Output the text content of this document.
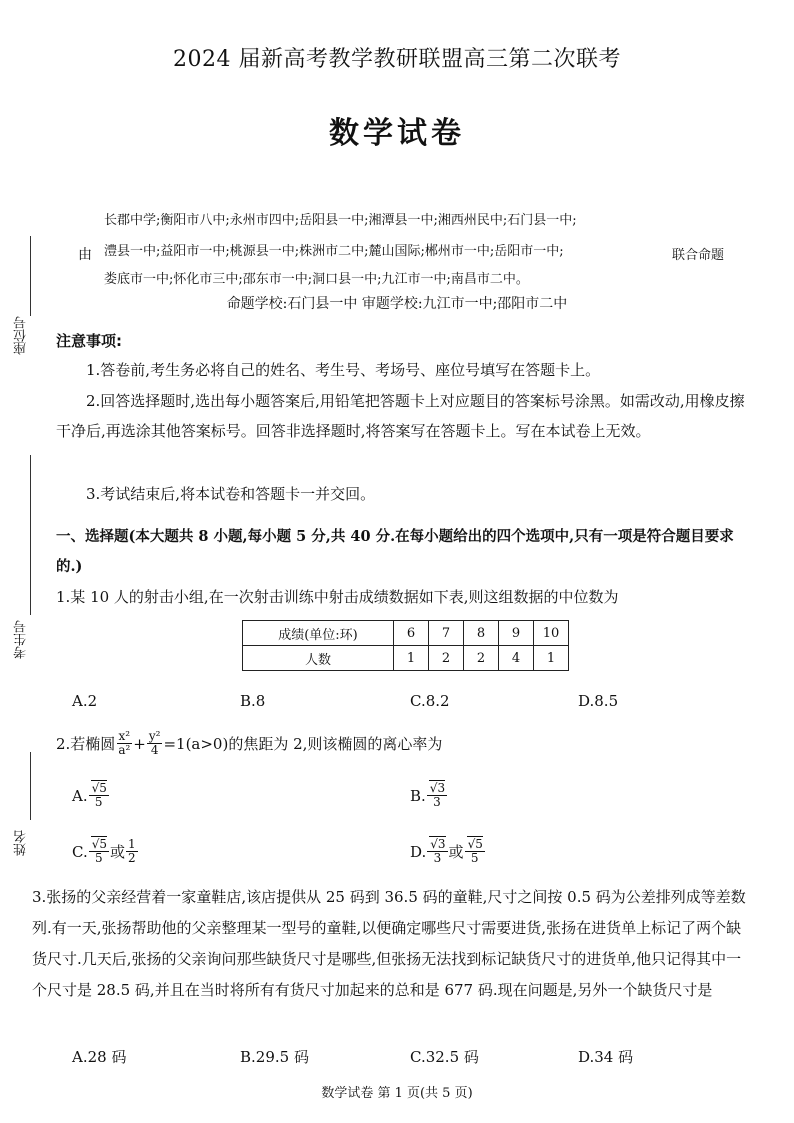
2024 届新高考教学教研联盟高三第二次联考
数学试卷
由
长郡中学;衡阳市八中;永州市四中;岳阳县一中;湘潭县一中;湘西州民中;石门县一中;
澧县一中;益阳市一中;桃源县一中;株洲市二中;麓山国际;郴州市一中;岳阳市一中;
娄底市一中;怀化市三中;邵东市一中;洞口县一中;九江市一中;南昌市二中。
联合命题
命题学校:石门县一中 审题学校:九江市一中;邵阳市二中
座位号
考生号
姓名
注意事项:
1.答卷前,考生务必将自己的姓名、考生号、考场号、座位号填写在答题卡上。
2.回答选择题时,选出每小题答案后,用铅笔把答题卡上对应题目的答案标号涂黑。如需改动,用橡皮擦干净后,再选涂其他答案标号。回答非选择题时,将答案写在答题卡上。写在本试卷上无效。
3.考试结束后,将本试卷和答题卡一并交回。
一、选择题(本大题共 8 小题,每小题 5 分,共 40 分.在每小题给出的四个选项中,只有一项是符合题目要求的.)
1.某 10 人的射击小组,在一次射击训练中射击成绩数据如下表,则这组数据的中位数为
成绩(单位:环)	6	7	8	9	10
人数	1	2	2	4	1
A.2	B.8	C.8.2	D.8.5
2.若椭圆 $\frac{\text{x²}}{\text{a²}} + \frac{\text{y²}}{4} =1(a>0)$的焦距为 2,则该椭圆的离心率为
A. $\frac{√5}{5}$	B. $\frac{√3}{3}$
C. $\frac{√5}{5}$ 或 $\frac{1}{2}$	D. $\frac{√3}{3}$ 或 $\frac{√5}{5}$
3.张扬的父亲经营着一家童鞋店,该店提供从 25 码到 36.5 码的童鞋,尺寸之间按 0.5 码为公差排列成等差数列.有一天,张扬帮助他的父亲整理某一型号的童鞋,以便确定哪些尺寸需要进货,张扬在进货单上标记了两个缺货尺寸.几天后,张扬的父亲询问那些缺货尺寸是哪些,但张扬无法找到标记缺货尺寸的进货单,他只记得其中一个尺寸是 28.5 码,并且在当时将所有有货尺寸加起来的总和是 677 码.现在问题是,另外一个缺货尺寸是
A.28 码	B.29.5 码	C.32.5 码	D.34 码
数学试卷 第 1 页(共 5 页)
